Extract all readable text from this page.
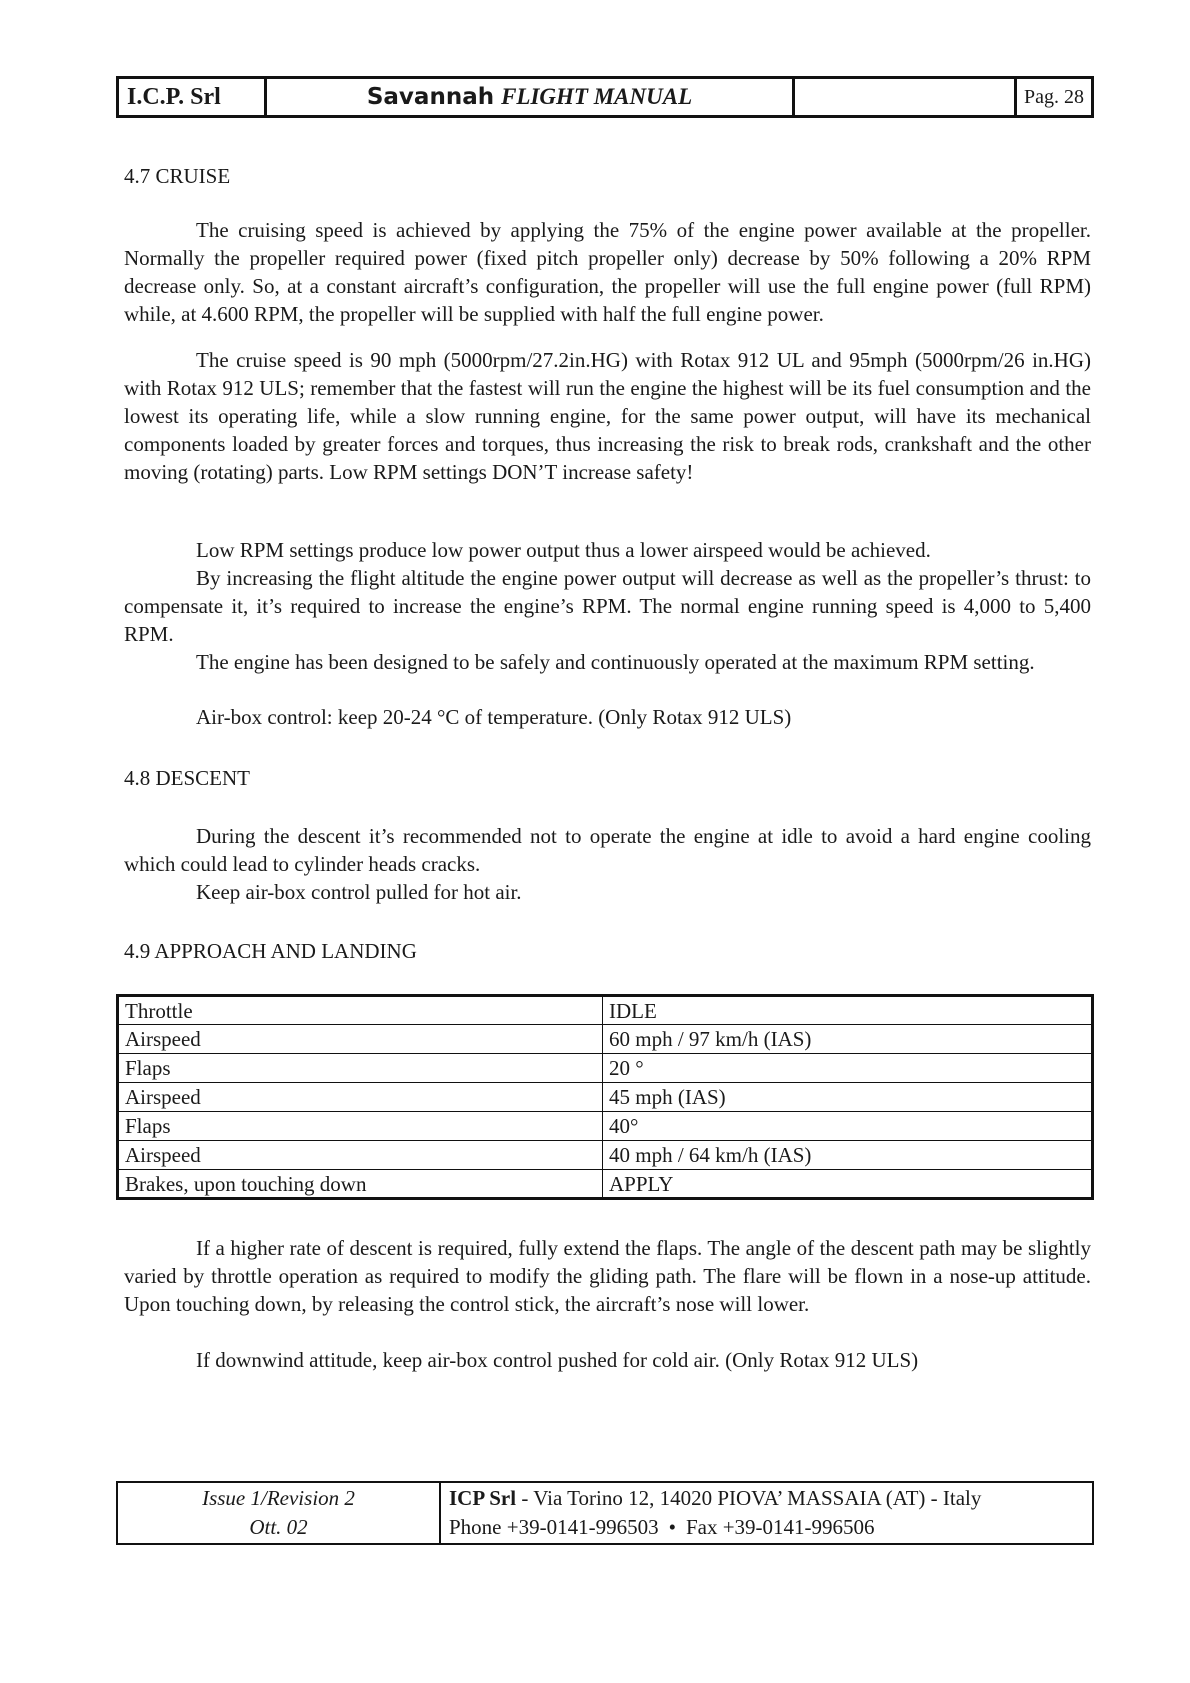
I.C.P. Srl	Savannah FLIGHT MANUAL	Pag. 28
4.7 CRUISE

The cruising speed is achieved by applying the 75% of the engine power available at the propeller. Normally the propeller required power (fixed pitch propeller only) decrease by 50% following a 20% RPM decrease only. So, at a constant aircraft’s configuration, the propeller will use the full engine power (full RPM) while, at 4.600 RPM, the propeller will be supplied with half the full engine power.

The cruise speed is 90 mph (5000rpm/27.2in.HG) with Rotax 912 UL and 95mph (5000rpm/26 in.HG) with Rotax 912 ULS; remember that the fastest will run the engine the highest will be its fuel consumption and the lowest its operating life, while a slow running engine, for the same power output, will have its mechanical components loaded by greater forces and torques, thus increasing the risk to break rods, crankshaft and the other moving (rotating) parts. Low RPM settings DON’T increase safety!

Low RPM settings produce low power output thus a lower airspeed would be achieved.

By increasing the flight altitude the engine power output will decrease as well as the propeller’s thrust: to compensate it, it’s required to increase the engine’s RPM. The normal engine running speed is 4,000 to 5,400 RPM.

The engine has been designed to be safely and continuously operated at the maximum RPM setting.

Air-box control: keep 20-24 °C of temperature. (Only Rotax 912 ULS)

4.8 DESCENT

During the descent it’s recommended not to operate the engine at idle to avoid a hard engine cooling which could lead to cylinder heads cracks.

Keep air-box control pulled for hot air.

4.9 APPROACH AND LANDING
Throttle	IDLE
Airspeed	60 mph / 97 km/h (IAS)
Flaps	20 °
Airspeed	45 mph (IAS)
Flaps	40°
Airspeed	40 mph / 64 km/h (IAS)
Brakes, upon touching down	APPLY

If a higher rate of descent is required, fully extend the flaps. The angle of the descent path may be slightly varied by throttle operation as required to modify the gliding path. The flare will be flown in a nose-up attitude. Upon touching down, by releasing the control stick, the aircraft’s nose will lower.

If downwind attitude, keep air-box control pushed for cold air. (Only Rotax 912 ULS)

Issue 1/Revision 2
Ott. 02
ICP Srl - Via Torino 12, 14020 PIOVA’ MASSAIA (AT) - Italy
Phone +39-0141-996503 • Fax +39-0141-996506
